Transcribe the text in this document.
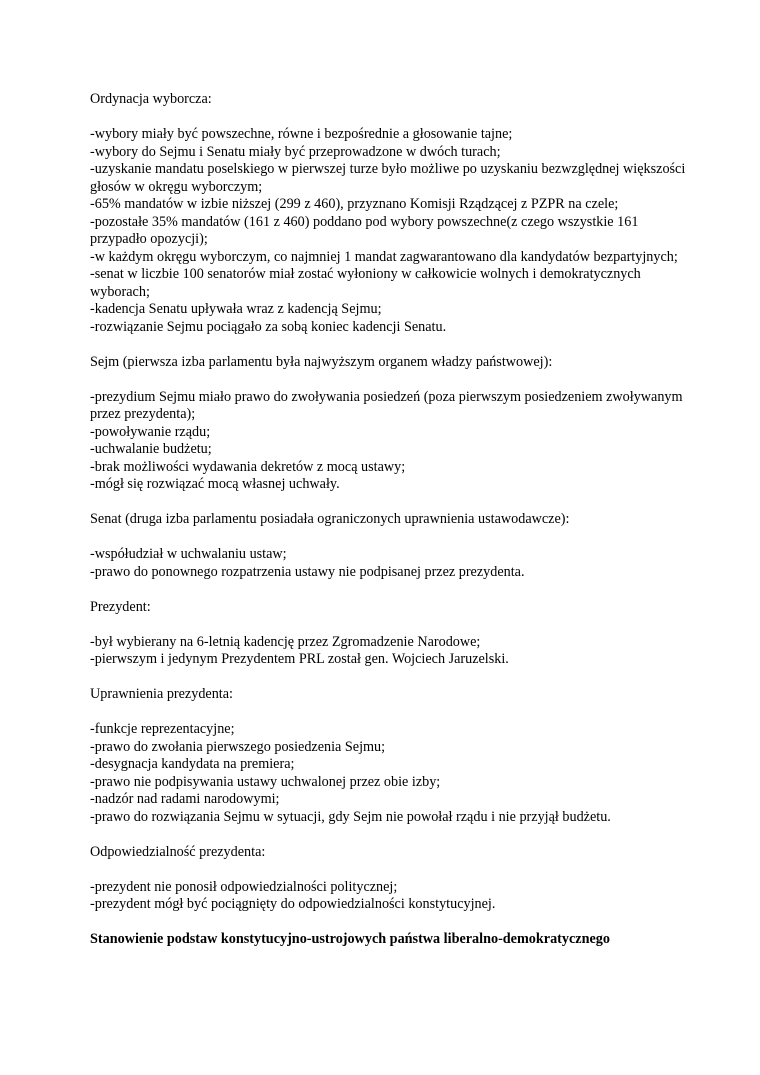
Ordynacja wyborcza:

-wybory miały być powszechne, równe i bezpośrednie a głosowanie tajne;
-wybory do Sejmu i Senatu miały być przeprowadzone w dwóch turach;
-uzyskanie mandatu poselskiego w pierwszej turze było możliwe po uzyskaniu bezwzględnej większości głosów w okręgu wyborczym;
-65% mandatów w izbie niższej (299 z 460), przyznano Komisji Rządzącej z PZPR na czele;
-pozostałe 35% mandatów (161 z 460) poddano pod wybory powszechne(z czego wszystkie 161 przypadło opozycji);
-w każdym okręgu wyborczym, co najmniej 1 mandat zagwarantowano dla kandydatów bezpartyjnych;
-senat w liczbie 100 senatorów miał zostać wyłoniony w całkowicie wolnych i demokratycznych wyborach;
-kadencja Senatu upływała wraz z kadencją Sejmu;
-rozwiązanie Sejmu pociągało za sobą koniec kadencji Senatu.

Sejm (pierwsza izba parlamentu była najwyższym organem władzy państwowej):

-prezydium Sejmu miało prawo do zwoływania posiedzeń (poza pierwszym posiedzeniem zwoływanym przez prezydenta);
-powoływanie rządu;
-uchwalanie budżetu;
-brak możliwości wydawania dekretów z mocą ustawy;
-mógł się rozwiązać mocą własnej uchwały.

Senat (druga izba parlamentu posiadała ograniczonych uprawnienia ustawodawcze):

-współudział w uchwalaniu ustaw;
-prawo do ponownego rozpatrzenia ustawy nie podpisanej przez prezydenta.

Prezydent:

-był wybierany na 6-letnią kadencję przez Zgromadzenie Narodowe;
-pierwszym i jedynym Prezydentem PRL został gen. Wojciech Jaruzelski.

Uprawnienia prezydenta:

-funkcje reprezentacyjne;
-prawo do zwołania pierwszego posiedzenia Sejmu;
-desygnacja kandydata na premiera;
-prawo nie podpisywania ustawy uchwalonej przez obie izby;
-nadzór nad radami narodowymi;
-prawo do rozwiązania Sejmu w sytuacji, gdy Sejm nie powołał rządu i nie przyjął budżetu.

Odpowiedzialność prezydenta:

-prezydent nie ponosił odpowiedzialności politycznej;
-prezydent mógł być pociągnięty do odpowiedzialności konstytucyjnej.

Stanowienie podstaw konstytucyjno-ustrojowych państwa liberalno-demokratycznego
